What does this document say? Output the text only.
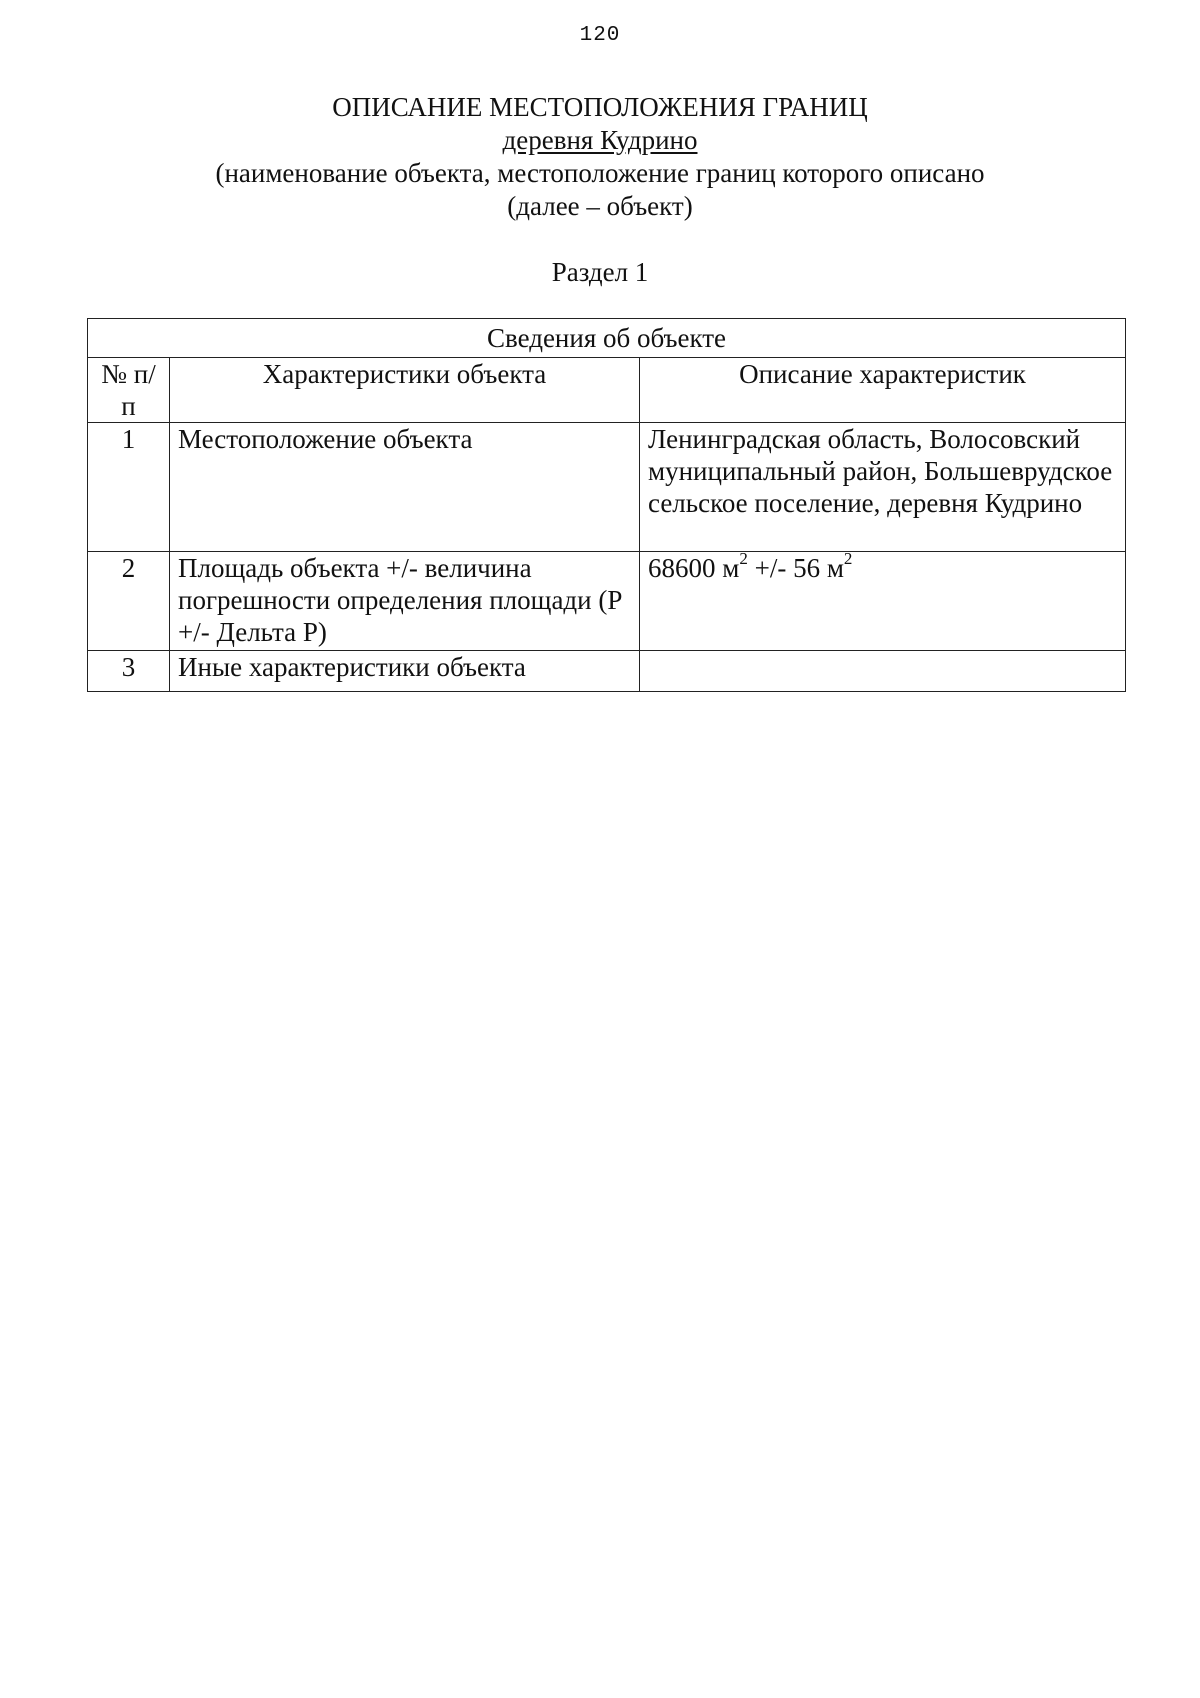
120
ОПИСАНИЕ МЕСТОПОЛОЖЕНИЯ ГРАНИЦ
деревня Кудрино
(наименование объекта, местоположение границ которого описано
(далее – объект)
Раздел 1
Сведения об объекте		
№ п/п	Характеристики объекта	Описание характеристик
1	Местоположение объекта	Ленинградская область, Волосовский муниципальный район, Большеврудское сельское поселение, деревня Кудрино
2	Площадь объекта +/- величина погрешности определения площади (P +/- Дельта P)	68600 $м^2$ +/- 56 $м^2$
3	Иные характеристики объекта	
